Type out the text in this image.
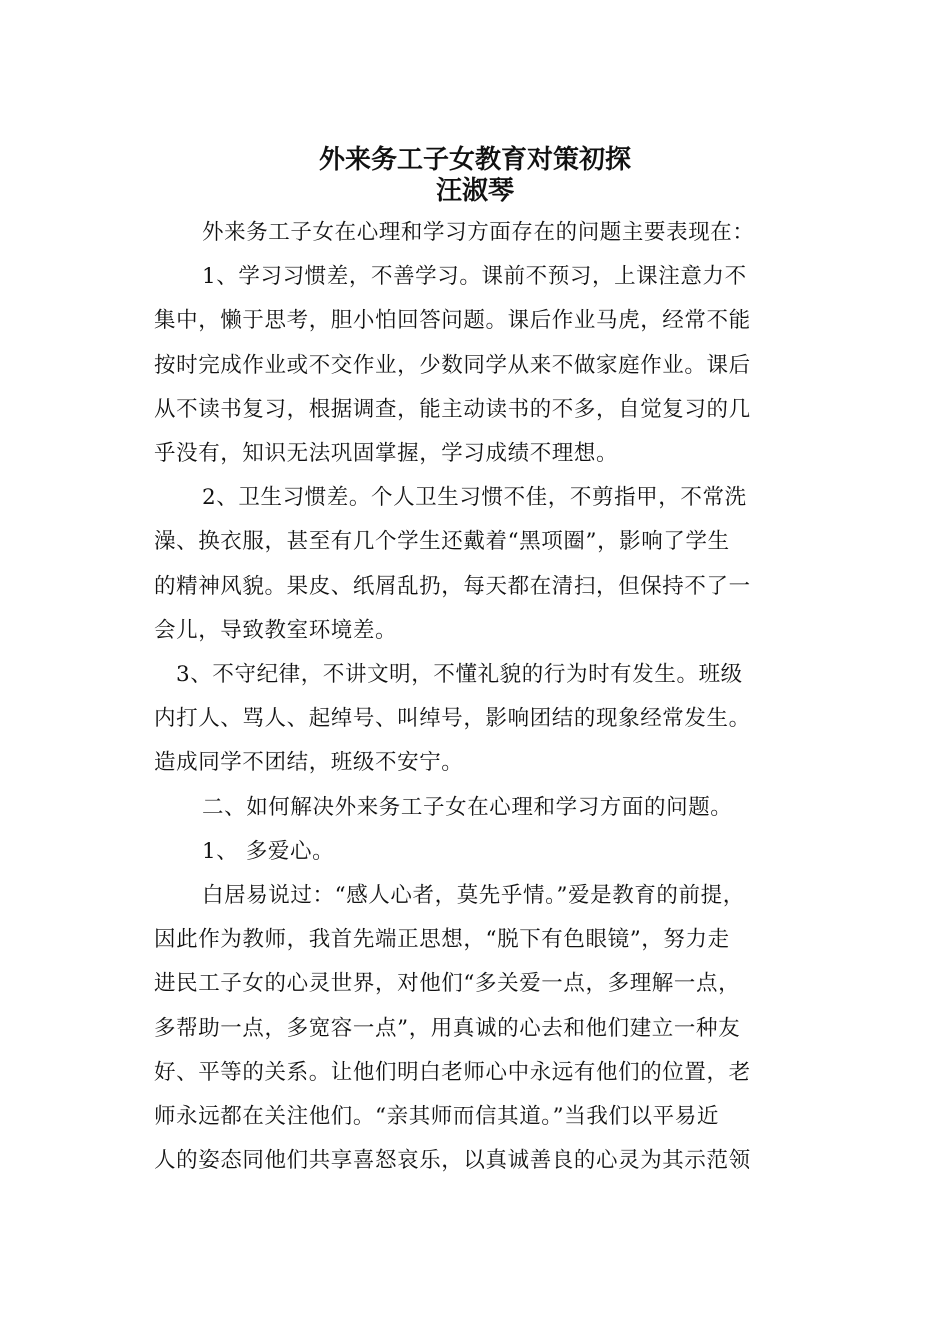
外来务工子女教育对策初探
汪淑琴

外来务工子女在心理和学习方面存在的问题主要表现在：

1、学习习惯差，不善学习。课前不预习，上课注意力不
集中，懒于思考，胆小怕回答问题。课后作业马虎，经常不能
按时完成作业或不交作业，少数同学从来不做家庭作业。课后
从不读书复习，根据调查，能主动读书的不多，自觉复习的几
乎没有，知识无法巩固掌握，学习成绩不理想。

2、卫生习惯差。个人卫生习惯不佳，不剪指甲，不常洗
澡、换衣服，甚至有几个学生还戴着“黑项圈”，影响了学生
的精神风貌。果皮、纸屑乱扔，每天都在清扫，但保持不了一
会儿，导致教室环境差。

3、不守纪律，不讲文明，不懂礼貌的行为时有发生。班级
内打人、骂人、起绰号、叫绰号，影响团结的现象经常发生。
造成同学不团结，班级不安宁。

二、如何解决外来务工子女在心理和学习方面的问题。

1、 多爱心。

白居易说过：“感人心者，莫先乎情。”爱是教育的前提，
因此作为教师，我首先端正思想，“脱下有色眼镜”，努力走
进民工子女的心灵世界，对他们“多关爱一点，多理解一点，
多帮助一点，多宽容一点”，用真诚的心去和他们建立一种友
好、平等的关系。让他们明白老师心中永远有他们的位置，老
师永远都在关注他们。“亲其师而信其道。”当我们以平易近
人的姿态同他们共享喜怒哀乐，以真诚善良的心灵为其示范领
